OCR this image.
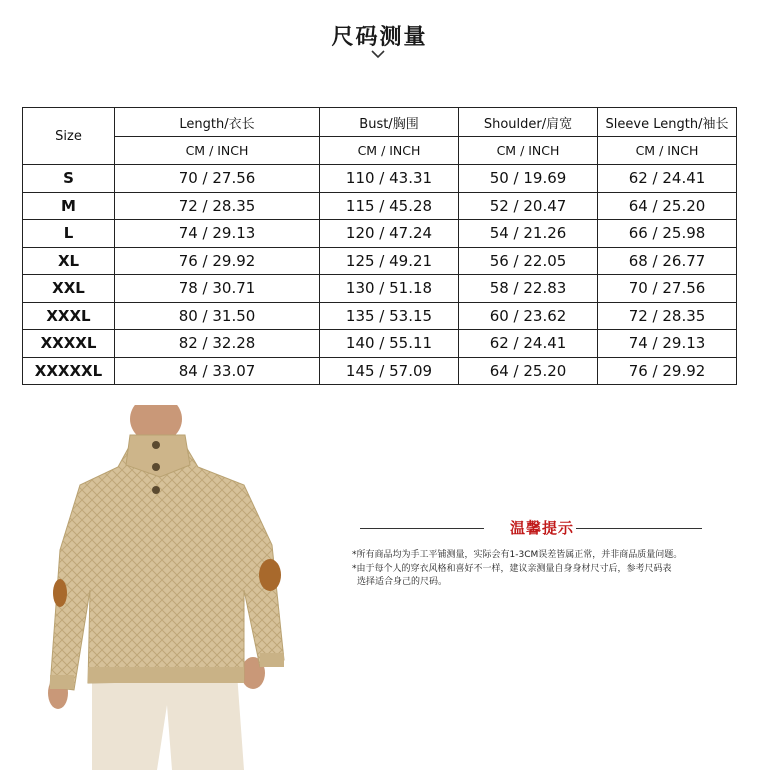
尺码测量
Size	Length/衣长	Bust/胸围	Shoulder/肩宽	Sleeve Length/袖长
	CM / INCH	CM / INCH	CM / INCH	CM / INCH
S	70 / 27.56	110 / 43.31	50 / 19.69	62 / 24.41
M	72 / 28.35	115 / 45.28	52 / 20.47	64 / 25.20
L	74 / 29.13	120 / 47.24	54 / 21.26	66 / 25.98
XL	76 / 29.92	125 / 49.21	56 / 22.05	68 / 26.77
XXL	78 / 30.71	130 / 51.18	58 / 22.83	70 / 27.56
XXXL	80 / 31.50	135 / 53.15	60 / 23.62	72 / 28.35
XXXXL	82 / 32.28	140 / 55.11	62 / 24.41	74 / 29.13
XXXXXL	84 / 33.07	145 / 57.09	64 / 25.20	76 / 29.92
温馨提示
*所有商品均为手工平铺测量，实际会有1-3CM误差皆属正常，并非商品质量问题。
*由于每个人的穿衣风格和喜好不一样，建议亲测量自身身材尺寸后，参考尺码表
选择适合身己的尺码。
